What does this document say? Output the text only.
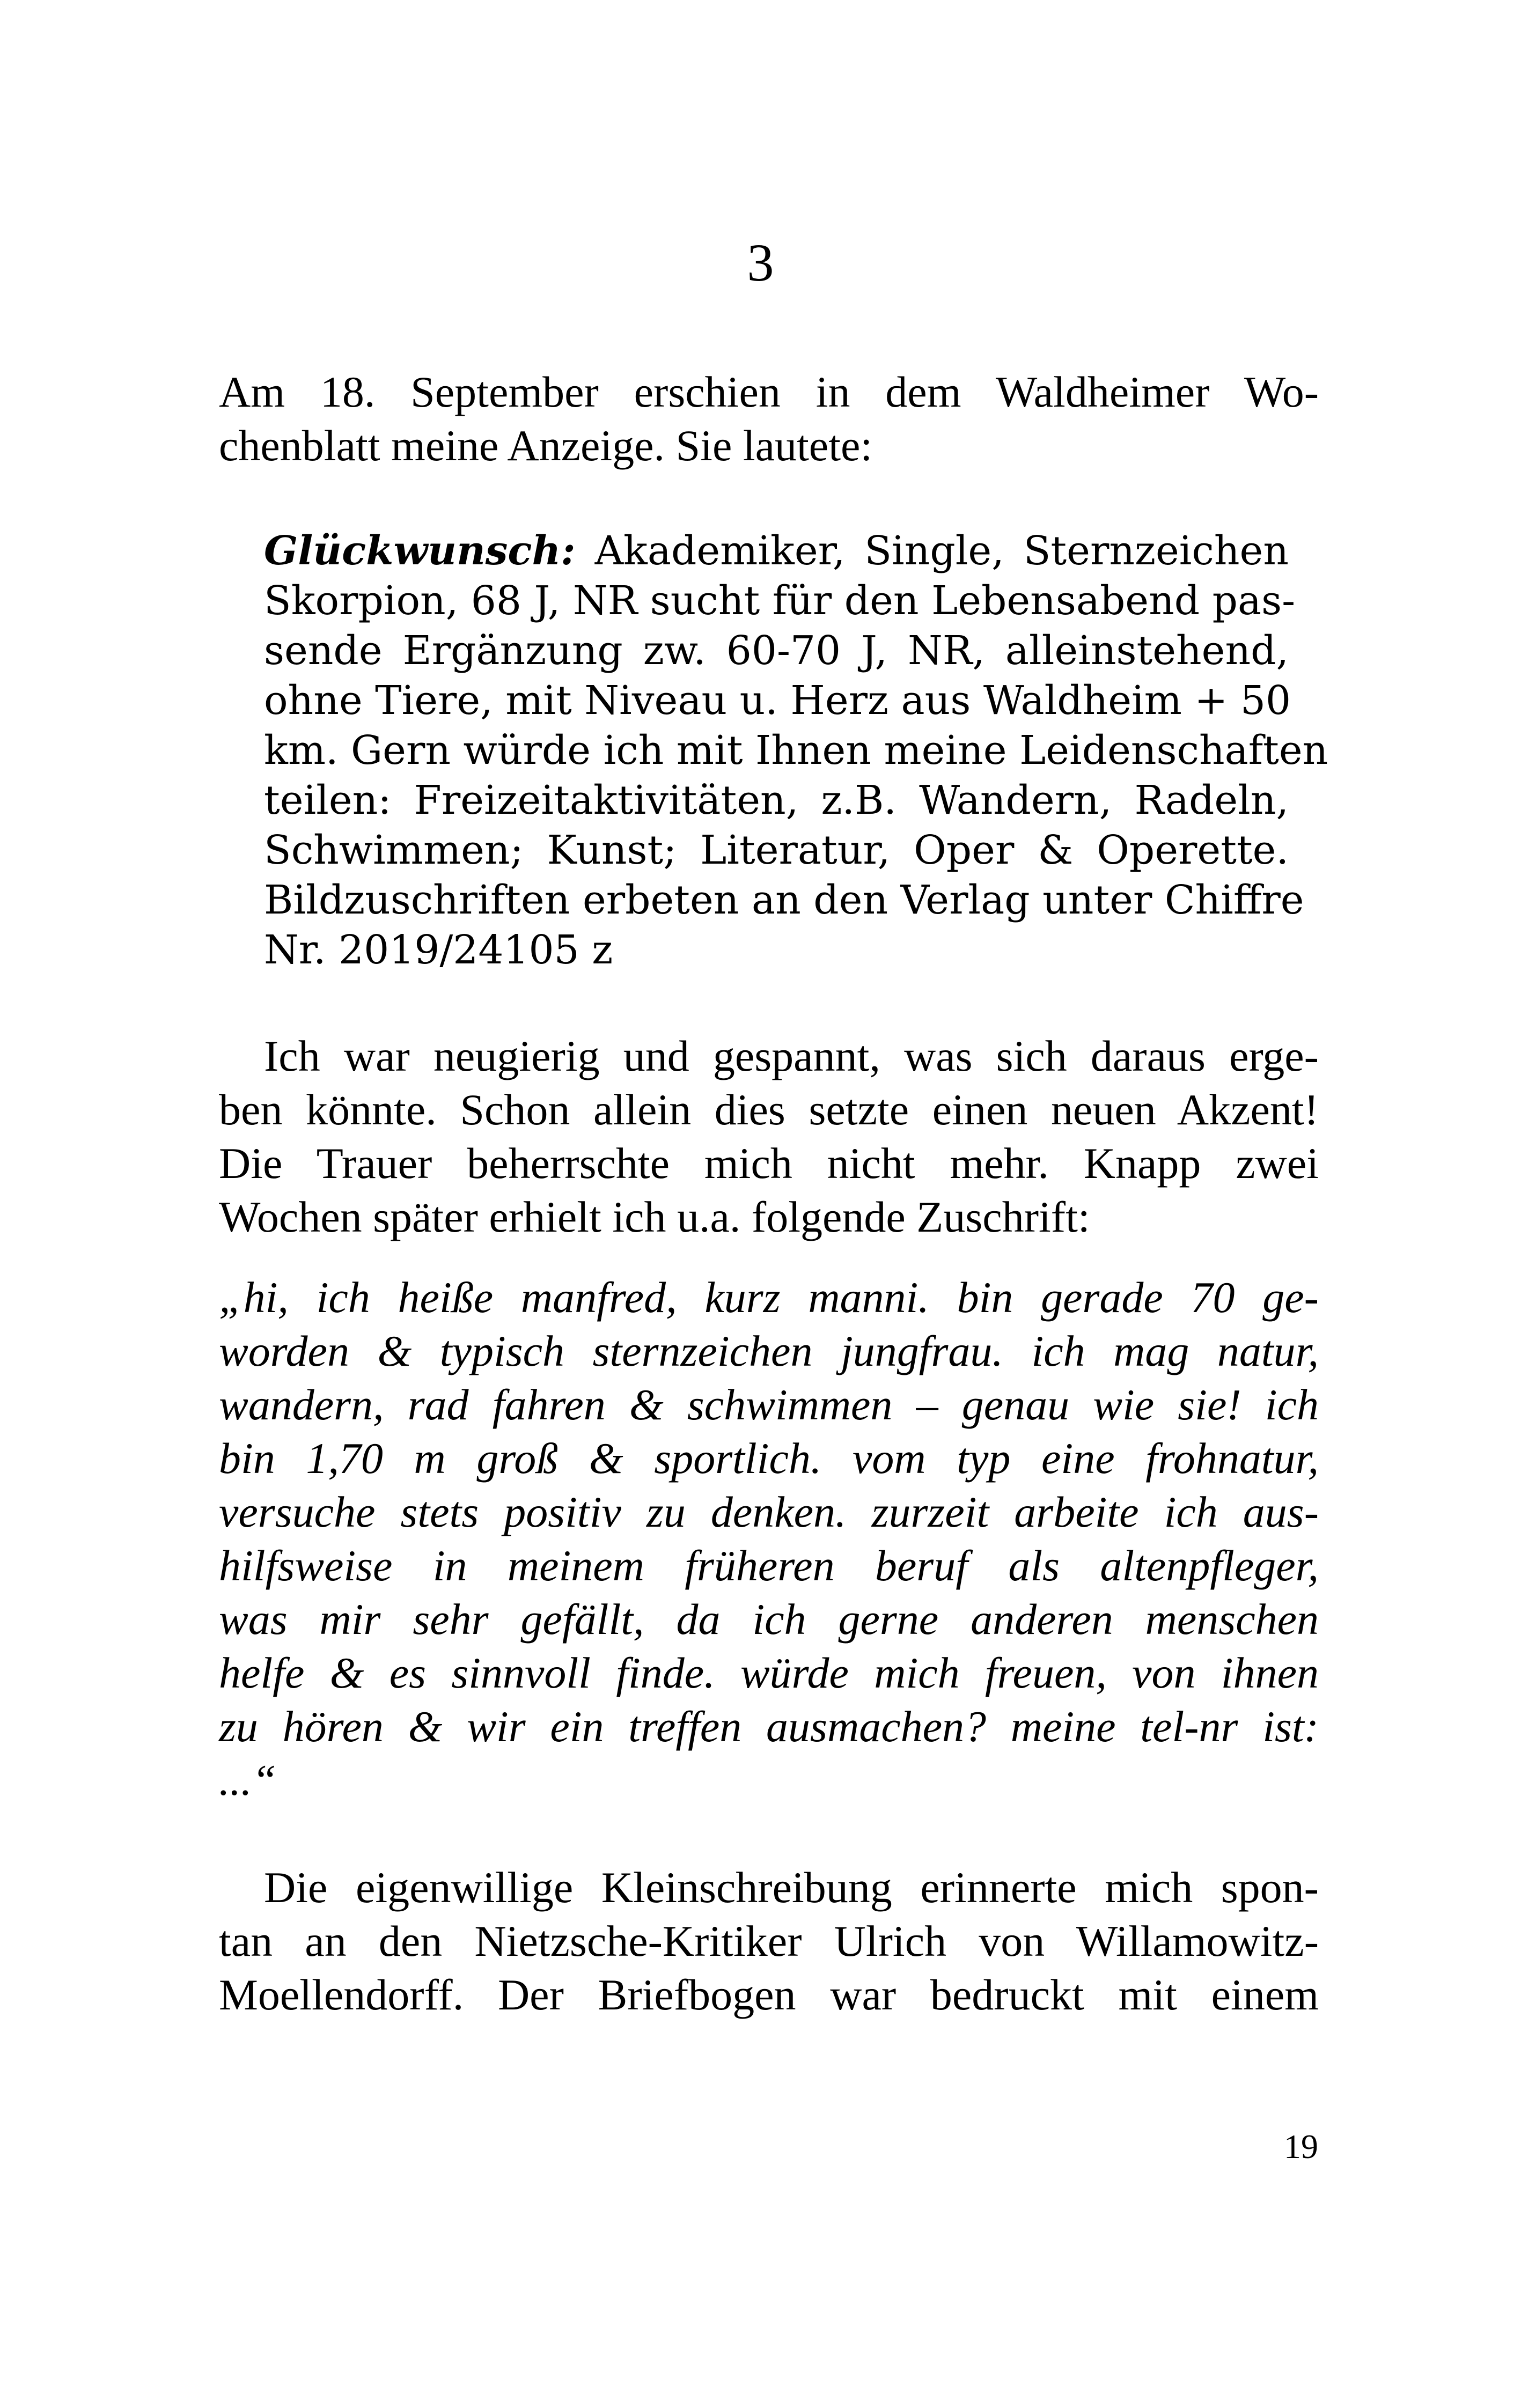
3
Am 18. September erschien in dem Waldheimer Wo-
chenblatt meine Anzeige. Sie lautete:
Glückwunsch: Akademiker, Single, Sternzeichen
Skorpion, 68 J, NR sucht für den Lebensabend pas-
sende Ergänzung zw. 60-70 J, NR, alleinstehend,
ohne Tiere, mit Niveau u. Herz aus Waldheim + 50
km. Gern würde ich mit Ihnen meine Leidenschaften
teilen: Freizeitaktivitäten, z.B. Wandern, Radeln,
Schwimmen; Kunst; Literatur, Oper & Operette.
Bildzuschriften erbeten an den Verlag unter Chiffre
Nr. 2019/24105 z
Ich war neugierig und gespannt, was sich daraus erge-
ben könnte. Schon allein dies setzte einen neuen Akzent!
Die Trauer beherrschte mich nicht mehr. Knapp zwei
Wochen später erhielt ich u.a. folgende Zuschrift:
„hi, ich heiße manfred, kurz manni. bin gerade 70 ge-
worden & typisch sternzeichen jungfrau. ich mag natur,
wandern, rad fahren & schwimmen – genau wie sie! ich
bin 1,70 m groß & sportlich. vom typ eine frohnatur,
versuche stets positiv zu denken. zurzeit arbeite ich aus-
hilfsweise in meinem früheren beruf als altenpfleger,
was mir sehr gefällt, da ich gerne anderen menschen
helfe & es sinnvoll finde. würde mich freuen, von ihnen
zu hören & wir ein treffen ausmachen? meine tel-nr ist:
...“
Die eigenwillige Kleinschreibung erinnerte mich spon-
tan an den Nietzsche-Kritiker Ulrich von Willamowitz-
Moellendorff. Der Briefbogen war bedruckt mit einem
19
